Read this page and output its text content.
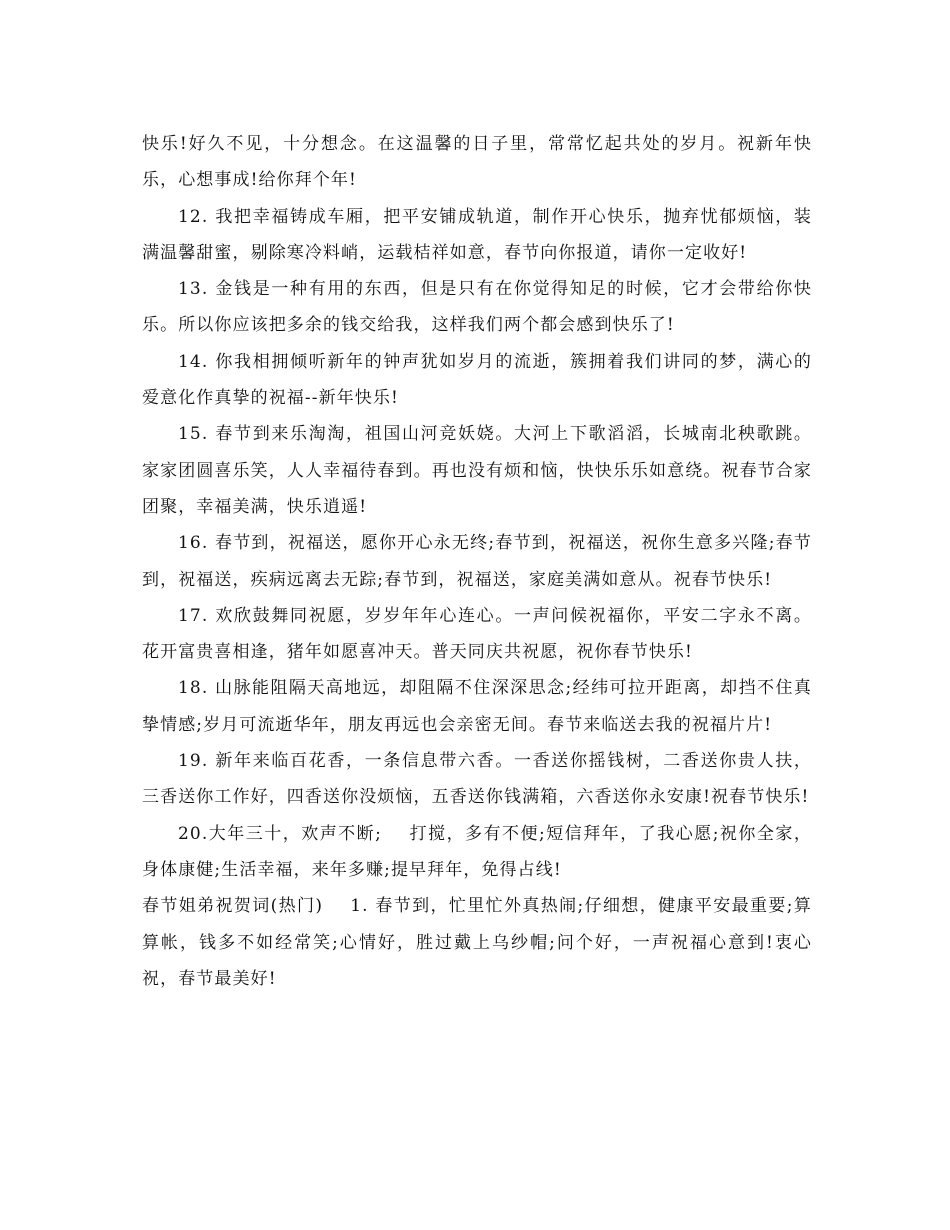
快乐!好久不见，十分想念。在这温馨的日子里，常常忆起共处的岁月。祝新年快乐，心想事成!给你拜个年!

12. 我把幸福铸成车厢，把平安铺成轨道，制作开心快乐，抛弃忧郁烦恼，装满温馨甜蜜，剔除寒冷料峭，运载桔祥如意，春节向你报道，请你一定收好!

13. 金钱是一种有用的东西，但是只有在你觉得知足的时候，它才会带给你快乐。所以你应该把多余的钱交给我，这样我们两个都会感到快乐了!

14. 你我相拥倾听新年的钟声犹如岁月的流逝，簇拥着我们讲同的梦，满心的爱意化作真挚的祝福--新年快乐!

15. 春节到来乐淘淘，祖国山河竞妖娆。大河上下歌滔滔，长城南北秧歌跳。家家团圆喜乐笑，人人幸福待春到。再也没有烦和恼，快快乐乐如意绕。祝春节合家团聚，幸福美满，快乐逍遥!

16. 春节到，祝福送，愿你开心永无终;春节到，祝福送，祝你生意多兴隆;春节到，祝福送，疾病远离去无踪;春节到，祝福送，家庭美满如意从。祝春节快乐!

17. 欢欣鼓舞同祝愿，岁岁年年心连心。一声问候祝福你，平安二字永不离。花开富贵喜相逢，猪年如愿喜冲天。普天同庆共祝愿，祝你春节快乐!

18. 山脉能阻隔天高地远，却阻隔不住深深思念;经纬可拉开距离，却挡不住真挚情感;岁月可流逝华年，朋友再远也会亲密无间。春节来临送去我的祝福片片!

19. 新年来临百花香，一条信息带六香。一香送你摇钱树，二香送你贵人扶，三香送你工作好，四香送你没烦恼，五香送你钱满箱，六香送你永安康!祝春节快乐!

20.大年三十，欢声不断;    打搅，多有不便;短信拜年，了我心愿;祝你全家，身体康健;生活幸福，来年多赚;提早拜年，免得占线!

春节姐弟祝贺词(热门)    1. 春节到，忙里忙外真热闹;仔细想，健康平安最重要;算算帐，钱多不如经常笑;心情好，胜过戴上乌纱帽;问个好，一声祝福心意到!衷心祝，春节最美好!
